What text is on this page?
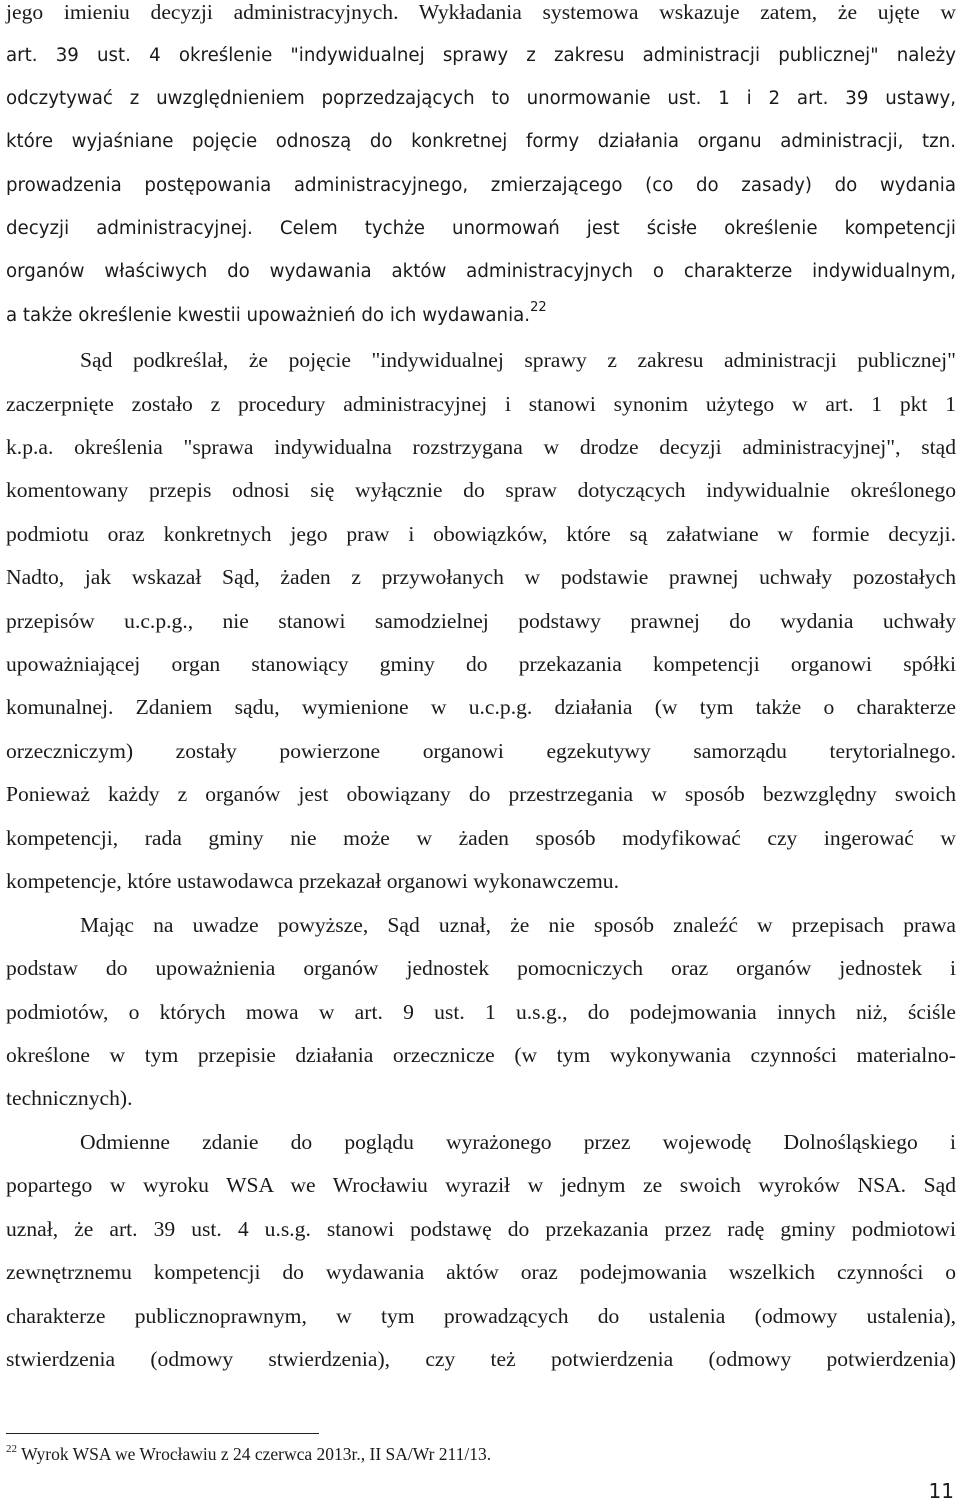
jego imieniu decyzji administracyjnych. Wykładania systemowa wskazuje zatem, że ujęte w
art. 39 ust. 4 określenie "indywidualnej sprawy z zakresu administracji publicznej" należy
odczytywać z uwzględnieniem poprzedzających to unormowanie ust. 1 i 2 art. 39 ustawy,
które wyjaśniane pojęcie odnoszą do konkretnej formy działania organu administracji, tzn.
prowadzenia postępowania administracyjnego, zmierzającego (co do zasady) do wydania
decyzji administracyjnej. Celem tychże unormowań jest ścisłe określenie kompetencji
organów właściwych do wydawania aktów administracyjnych o charakterze indywidualnym,
a także określenie kwestii upoważnień do ich wydawania.$^{22}$
Sąd podkreślał, że pojęcie "indywidualnej sprawy z zakresu administracji publicznej"
zaczerpnięte zostało z procedury administracyjnej i stanowi synonim użytego w art. 1 pkt 1
k.p.a. określenia "sprawa indywidualna rozstrzygana w drodze decyzji administracyjnej", stąd
komentowany przepis odnosi się wyłącznie do spraw dotyczących indywidualnie określonego
podmiotu oraz konkretnych jego praw i obowiązków, które są załatwiane w formie decyzji.
Nadto, jak wskazał Sąd, żaden z przywołanych w podstawie prawnej uchwały pozostałych
przepisów u.c.p.g., nie stanowi samodzielnej podstawy prawnej do wydania uchwały
upoważniającej organ stanowiący gminy do przekazania kompetencji organowi spółki
komunalnej. Zdaniem sądu, wymienione w u.c.p.g. działania (w tym także o charakterze
orzeczniczym) zostały powierzone organowi egzekutywy samorządu terytorialnego.
Ponieważ każdy z organów jest obowiązany do przestrzegania w sposób bezwzględny swoich
kompetencji, rada gminy nie może w żaden sposób modyfikować czy ingerować w
kompetencje, które ustawodawca przekazał organowi wykonawczemu.
Mając na uwadze powyższe, Sąd uznał, że nie sposób znaleźć w przepisach prawa
podstaw do upoważnienia organów jednostek pomocniczych oraz organów jednostek i
podmiotów, o których mowa w art. 9 ust. 1 u.s.g., do podejmowania innych niż, ściśle
określone w tym przepisie działania orzecznicze (w tym wykonywania czynności materialno-
technicznych).
Odmienne zdanie do poglądu wyrażonego przez wojewodę Dolnośląskiego i
popartego w wyroku WSA we Wrocławiu wyraził w jednym ze swoich wyroków NSA. Sąd
uznał, że art. 39 ust. 4 u.s.g. stanowi podstawę do przekazania przez radę gminy podmiotowi
zewnętrznemu kompetencji do wydawania aktów oraz podejmowania wszelkich czynności o
charakterze publicznoprawnym, w tym prowadzących do ustalenia (odmowy ustalenia),
stwierdzenia (odmowy stwierdzenia), czy też potwierdzenia (odmowy potwierdzenia)
$^{22}$ Wyrok WSA we Wrocławiu z 24 czerwca 2013r., II SA/Wr 211/13.
11
